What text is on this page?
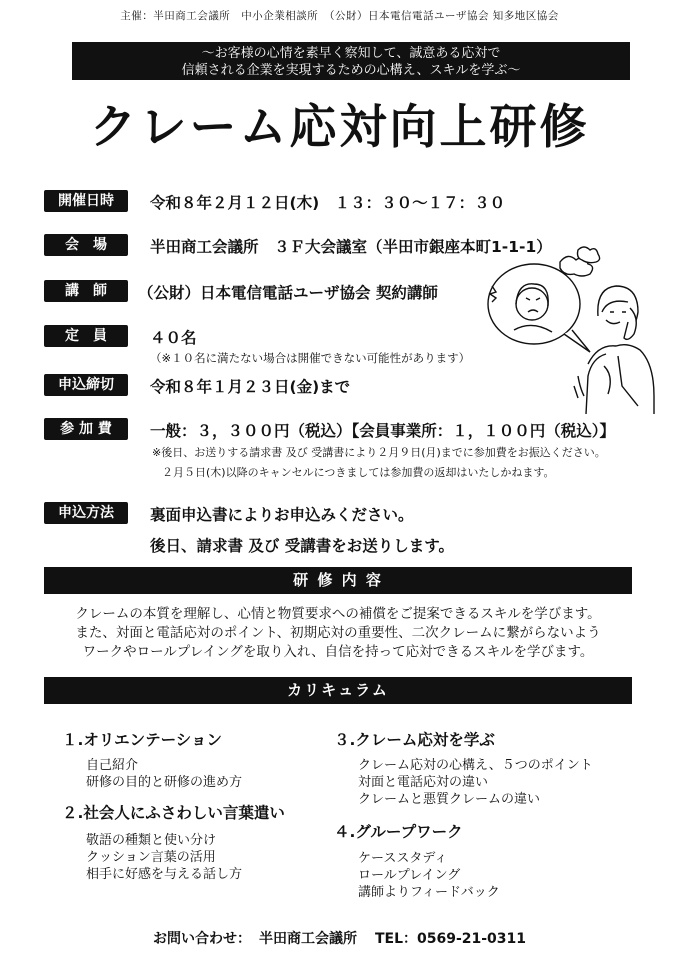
主催：半田商工会議所　中小企業相談所　（公財）日本電信電話ユーザ協会 知多地区協会
～お客様の心情を素早く察知して、誠意ある応対で
信頼される企業を実現するための心構え、スキルを学ぶ～
クレーム応対向上研修
開催日時	令和８年２月１２日(木)　１３：３０～１７：３０
会　場	半田商工会議所　３Ｆ大会議室（半田市銀座本町1-1-1）
講　師	（公財）日本電信電話ユーザ協会 契約講師
定　員	４０名
（※１０名に満たない場合は開催できない可能性があります）
申込締切	令和８年１月２３日(金)まで
参 加 費	一般：３，３００円（税込）【会員事業所：１，１００円（税込）】
※後日、お送りする請求書 及び 受講書により２月９日(月)までに参加費をお振込ください。
２月５日(木)以降のキャンセルにつきましては参加費の返却はいたしかねます。
申込方法	裏面申込書によりお申込みください。
後日、請求書 及び 受講書をお送りします。
研 修 内 容
クレームの本質を理解し、心情と物質要求への補償をご提案できるスキルを学びます。
また、対面と電話応対のポイント、初期応対の重要性、二次クレームに繋がらないよう
ワークやロールプレイングを取り入れ、自信を持って応対できるスキルを学びます。
カリキュラム
１.オリエンテーション
自己紹介
研修の目的と研修の進め方
２.社会人にふさわしい言葉遣い
敬語の種類と使い分け
クッション言葉の活用
相手に好感を与える話し方
３.クレーム応対を学ぶ
クレーム応対の心構え、５つのポイント
対面と電話応対の違い
クレームと悪質クレームの違い
４.グループワーク
ケーススタディ
ロールプレイング
講師よりフィードバック
お問い合わせ： 半田商工会議所 TEL：0569-21-0311
